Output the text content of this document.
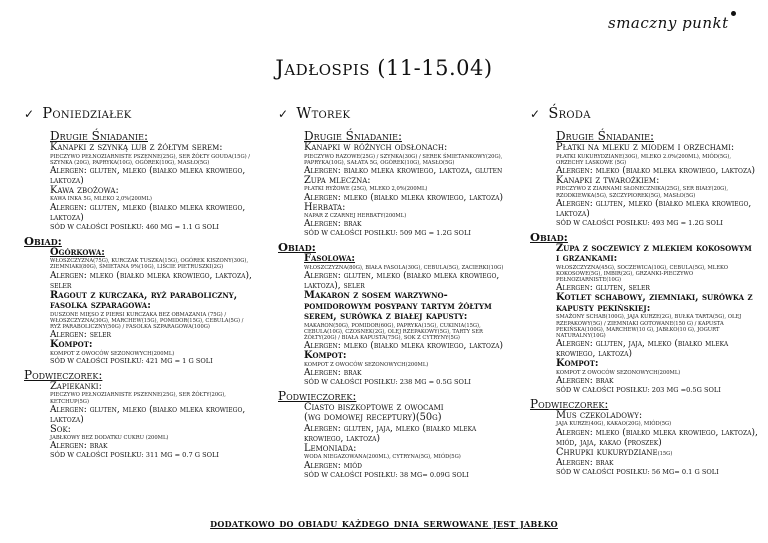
smaczny punkt
Jadłospis (11-15.04)
✓ Poniedziałek
Drugie Śniadanie:
Kanapki z szynką lub z żółtym serem:
PIECZYWO PEŁNOZIARNISTE PSZENNE(25G), SER ŻÓŁTY GOUDA(15G) / SZYNKA (20G), PAPRYKA(10G), OGÓREK(10G), MASŁO(5G)
Alergen: gluten, mleko (białko mleka krowiego, laktoza)
Kawa zbożowa:
KAWA INKA 5G, MLEKO 2,0%(200ML)
Alergen: gluten, mleko (białko mleka krowiego, laktoza)
SÓD W CAŁOŚCI POSIŁKU: 460 MG = 1.1 G SOLI
Obiad:
Ogórkowa:
WŁOSZCZYZNA(75G), KURCZAK TUSZKA(15G), OGÓREK KISZONY(30G), ZIEMNIAKI(80G), ŚMIETANA 9%(10G), LIŚCIE PIETRUSZKI(2G)
Alergen: mleko (białko mleka krowiego, laktoza), seler
Ragout z kurczaka, ryż paraboliczny, fasolka szparagowa:
DUSZONE MIĘSO Z PIERSI KURCZAKA BEZ OBMAZANIA (75G) / WŁOSZCZYZNA(30G), MARCHEW(15G), POMIDOR(15G), CEBULA(5G) / RYŻ PARABOLICZNY(50G) / FASOLKA SZPARAGOWA(100G)
Alergen: seler
Kompot:
KOMPOT Z OWOCÓW SEZONOWYCH(200ML)
SÓD W CAŁOŚCI POSIŁKU: 421 MG = 1 G SOLI
Podwieczorek:
Zapiekanki:
PIECZYWO PEŁNOZIARNISTE PSZENNE(25G), SER ŻÓŁTY(20G), KETCHUP(5G)
Alergen: gluten, mleko (białko mleka krowiego, laktoza)
Sok:
JABŁKOWY BEZ DODATKU CUKRU (200ML)
Alergen: brak
SÓD W CAŁOŚCI POSIŁKU: 311 MG = 0.7 G SOLI
✓ Wtorek
Drugie Śniadanie:
Kanapki w różnych odsłonach:
PIECZYWO RAZOWE(25G) / SZYNKA(30G) / SEREK ŚMIETANKOWY(20G), PAPRYKA(10G), SAŁATA 5G, OGÓREK(10G), MASŁO(5G)
Alergen: białko mleka krowiego, laktoza, gluten
Zupa mleczna:
PŁATKI RYŻOWE (25G), MLEKO 2,0%(200ML)
Alergen: mleko (białko mleka krowiego, laktoza)
Herbata:
NAPAR Z CZARNEJ HERBATY(200ML)
Alergen: brak
SÓD W CAŁOŚCI POSIŁKU: 509 MG = 1.2G SOLI
Obiad:
Fasolowa:
WŁOSZCZYZNA(80G), BIAŁA FASOLA(30G), CEBULA(5G), ZACIERKI(10G)
Alergen: gluten, mleko (białko mleka krowiego, laktoza), seler
Makaron z sosem warzywno-pomidorowym posypany tartym żółtym serem, surówka z białej kapusty:
MAKARON(50G), POMIDOR(60G), PAPRYKA(15G), CUKINIA(15G), CEBULA(10G), CZOSNEK(2G), OLEJ RZEPAKOWY(5G), TARTY SER ŻÓŁTY(20G) / BIAŁA KAPUSTA(75G), SOK Z CYTRYNY(5G)
Alergen: mleko (białko mleka krowiego, laktoza)
Kompot:
KOMPOT Z OWOCÓW SEZONOWYCH(200ML)
Alergen: brak
SÓD W CAŁOŚCI POSIŁKU: 238 MG = 0.5G SOLI
Podwieczorek:
Ciasto biszkoptowe z owocami
(wg domowej receptury)(50g)
Alergen: gluten, jaja, mleko (białko mleka krowiego, laktoza)
Lemoniada:
WODA NIEGAZOWANA(200ML), CYTRYNA(5G), MIÓD(5G)
Alergen: miód
SÓD W CAŁOŚCI POSIŁKU: 38 MG= 0.09G SOLI
✓ Środa
Drugie Śniadanie:
Płatki na mleku z miodem i orzechami:
PŁATKI KUKURYDZIANE(30G), MLEKO 2.0%(200ML), MIÓD(5G), ORZECHY LASKOWE (5G)
Alergen: mleko (białko mleka krowiego, laktoza)
Kanapki z twarożkiem:
PIECZYWO Z ZIARNAMI SŁONECZNIKA(25G), SER BIAŁY(20G), RZODKIEWKA(5G), SZCZYPIOREK(5G), MASŁO(5G)
Alergen: gluten, mleko (białko mleka krowiego, laktoza)
SÓD W CAŁOŚCI POSIŁKU: 493 MG = 1.2G SOLI
Obiad:
Zupa z soczewicy z mlekiem kokosowym i grzankami:
WŁOSZCZYZNA(45G), SOCZEWICA(10G), CEBULA(5G), MLEKO KOKOSOWE(5G), IMBIR(2G), GRZANKI-PIECZYWO PEŁNOZIARNISTE(10G)
Alergen: gluten, seler
Kotlet schabowy, ziemniaki, surówka z kapusty pekińskiej:
SMAŻONY SCHAB(100G), JAJA KURZE(2G), BUŁKA TARTA(5G), OLEJ RZEPAKOWY(5G) / ZIEMNIAKI GOTOWANE(150 G) / KAPUSTA PEKIŃSKA(100G), MARCHEW(10 G), JABŁKO(10 G), JOGURT NATURALNY(10G)
Alergen: gluten, jaja, mleko (białko mleka krowiego, laktoza)
Kompot:
KOMPOT Z OWOCÓW SEZONOWYCH(200ML)
Alergen: brak
SÓD W CAŁOŚCI POSIŁKU: 203 MG =0.5G SOLI
Podwieczorek:
Mus czekoladowy:
JAJA KURZE(40G), KAKAO(20G), MIÓD(5G)
Alergen: mleko (białko mleka krowiego, laktoza), miód, jaja, kakao (proszek)
Chrupki kukurydziane(15G)
Alergen: brak
SÓD W CAŁOŚCI POSIŁKU: 56 MG= 0.1 G SOLI
dodatkowo do obiadu każdego dnia serwowane jest jabłko
